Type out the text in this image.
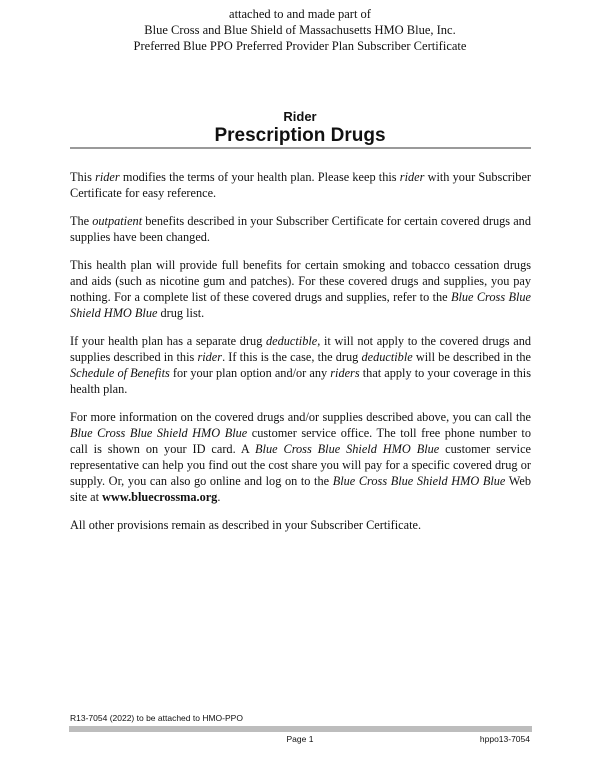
attached to and made part of
Blue Cross and Blue Shield of Massachusetts HMO Blue, Inc.
Preferred Blue PPO Preferred Provider Plan Subscriber Certificate
Rider
Prescription Drugs

This rider modifies the terms of your health plan. Please keep this rider with your Subscriber Certificate for easy reference.

The outpatient benefits described in your Subscriber Certificate for certain covered drugs and supplies have been changed.

This health plan will provide full benefits for certain smoking and tobacco cessation drugs and aids (such as nicotine gum and patches). For these covered drugs and supplies, you pay nothing. For a complete list of these covered drugs and supplies, refer to the Blue Cross Blue Shield HMO Blue drug list.

If your health plan has a separate drug deductible, it will not apply to the covered drugs and supplies described in this rider. If this is the case, the drug deductible will be described in the Schedule of Benefits for your plan option and/or any riders that apply to your coverage in this health plan.

For more information on the covered drugs and/or supplies described above, you can call the Blue Cross Blue Shield HMO Blue customer service office. The toll free phone number to call is shown on your ID card. A Blue Cross Blue Shield HMO Blue customer service representative can help you find out the cost share you will pay for a specific covered drug or supply. Or, you can also go online and log on to the Blue Cross Blue Shield HMO Blue Web site at www.bluecrossma.org.

All other provisions remain as described in your Subscriber Certificate.

R13-7054 (2022) to be attached to HMO-PPO
Page 1	hppo13-7054
